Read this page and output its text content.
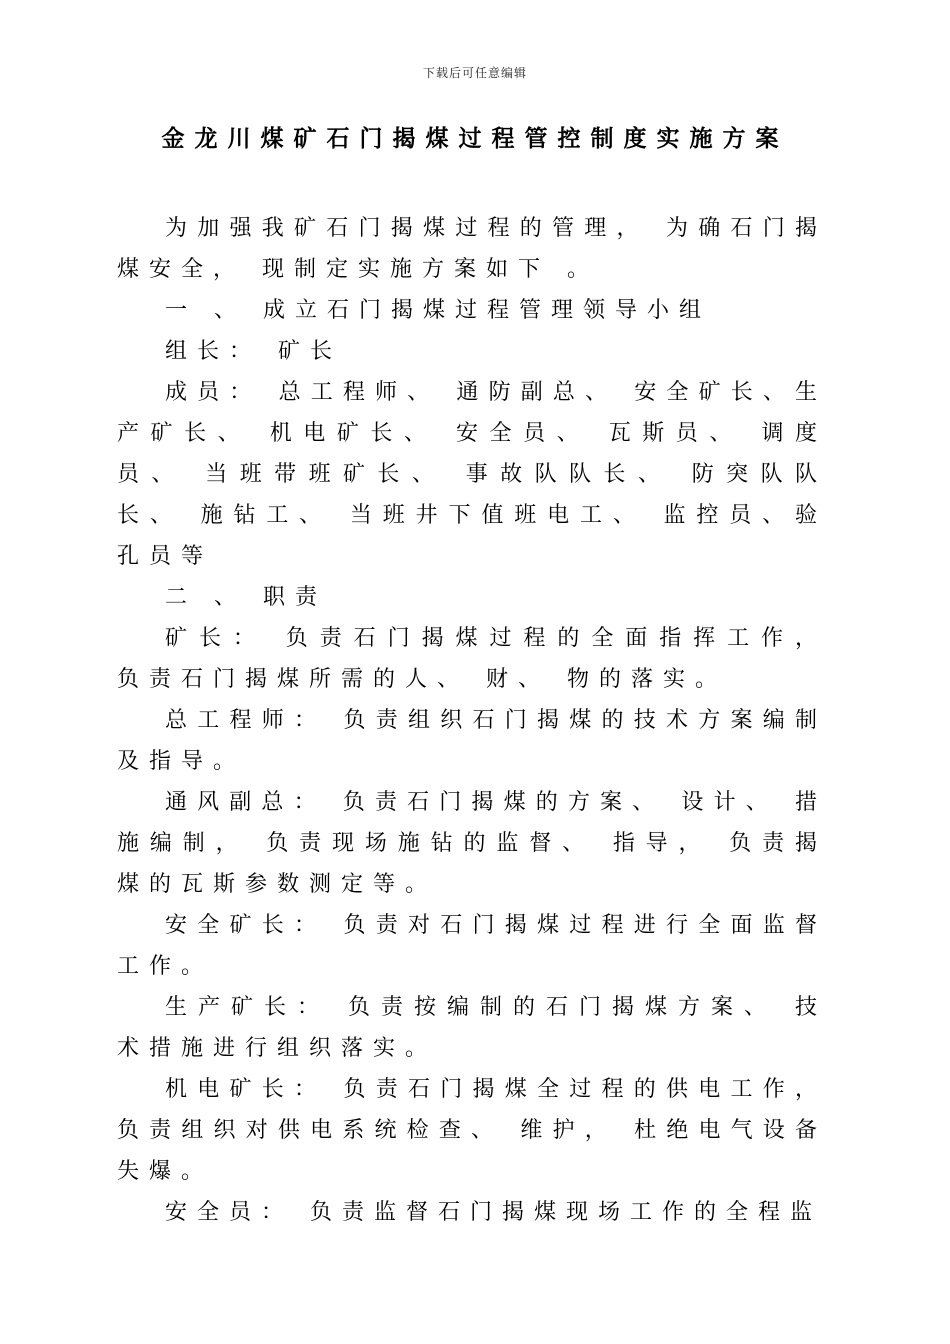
下载后可任意编辑
金龙川煤矿石门揭煤过程管控制度实施方案

为加强我矿石门揭煤过程的管理， 为确石门揭煤安全， 现制定实施方案如下 。

一 、 成立石门揭煤过程管理领导小组

组长： 矿长

成员： 总工程师、 通防副总、 安全矿长、生产矿长、 机电矿长、 安全员、 瓦斯员、 调度员、 当班带班矿长、 事故队队长、 防突队队长、 施钻工、 当班井下值班电工、 监控员、验孔员等

二 、 职责

矿长： 负责石门揭煤过程的全面指挥工作， 负责石门揭煤所需的人、 财、 物的落实。

总工程师： 负责组织石门揭煤的技术方案编制及指导。

通风副总： 负责石门揭煤的方案、 设计、 措施编制， 负责现场施钻的监督、 指导， 负责揭煤的瓦斯参数测定等。

安全矿长： 负责对石门揭煤过程进行全面监督工作。

生产矿长： 负责按编制的石门揭煤方案、 技术措施进行组织落实。

机电矿长： 负责石门揭煤全过程的供电工作， 负责组织对供电系统检查、 维护， 杜绝电气设备失爆。

安全员： 负责监督石门揭煤现场工作的全程监
